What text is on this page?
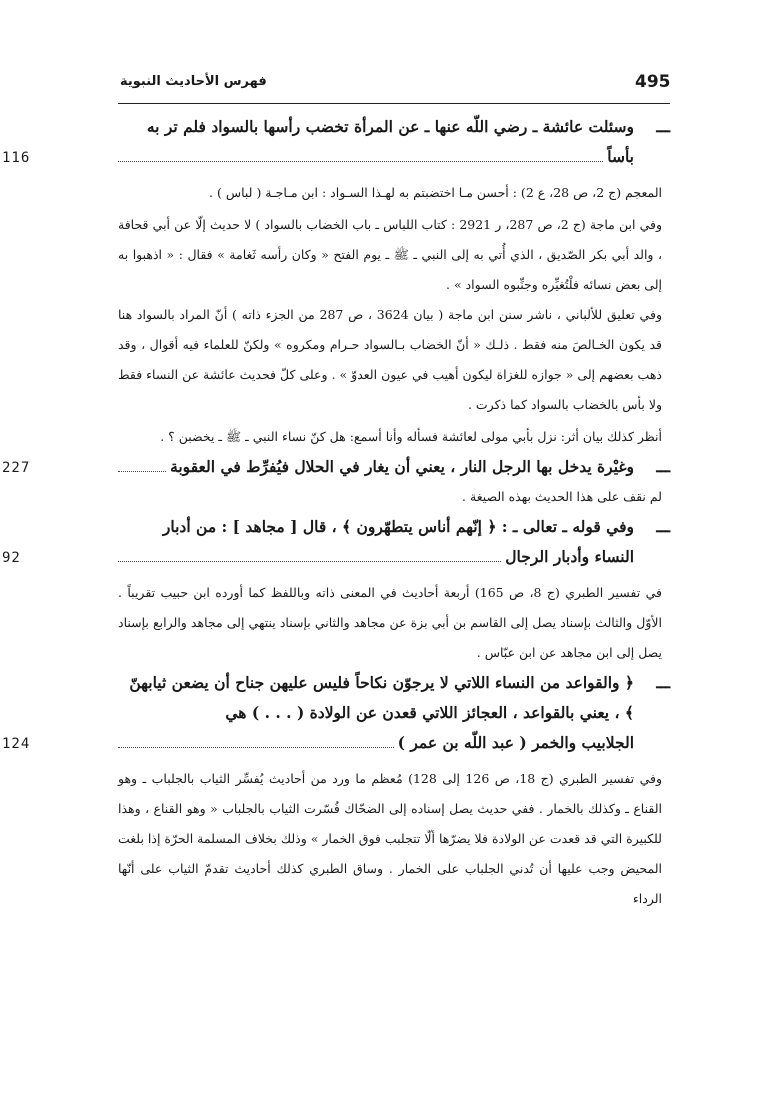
495
فهرس الأحاديث النبوية
ـــ
وسئلت عائشة ـ رضي اللّه عنها ـ عن المرأة تخضب رأسها بالسواد فلم تر به
بأساً
116

المعجم (ج 2، ص 28، ع 2) : أحسن مـا اختضبتم به لهـذا السـواد : ابن مـاجـة ( لباس ) .

وفي ابن ماجة (ج 2، ص 287، ر 2921 : كتاب اللباس ـ باب الخضاب بالسواد ) لا حديث إلّا عن أبي قحافة ، والد أبي بكر الصّديق ، الذي أُتي به إلى النبي ـ ﷺ ـ يوم الفتح « وكان رأسه ثَغامة » فقال : « اذهبوا به إلى بعض نسائه فلْتُغيِّره وجنِّبوه السواد » .

وفي تعليق للألباني ، ناشر سنن ابن ماجة ( بيان 3624 ، ص 287 من الجزء ذاته ) أنّ المراد بالسواد هنا قد يكون الخـالصَ منه فقط . ذلـك « أنّ الخضاب بـالسواد حـرام ومكروه » ولكنّ للعلماء فيه أقوال ، وقد ذهب بعضهم إلى « جوازه للغزاة ليكون أهيب في عيون العدوّ » . وعلى كلّ فحديث عائشة عن النساء فقط ولا بأس بالخضاب بالسواد كما ذكرت .

أنظر كذلك بيان أثر: نزل بأبي مولى لعائشة فسأله وأنا أسمع: هل كنّ نساء النبي ـ ﷺ ـ يخضبن ؟ .

ـــ
وغيْرة يدخل بها الرجل النار ، يعني أن يغار في الحلال فيُفرِّط في العقوبة
227

لم نقف على هذا الحديث بهذه الصيغة .

ـــ
وفي قوله ـ تعالى ـ : ﴿ إنّهم أناس يتطهّرون ﴾ ، قال [ مجاهد ] : من أدبار
النساء وأدبار الرجال
92

في تفسير الطبري (ج 8، ص 165) أربعة أحاديث في المعنى ذاته وباللفظ كما أورده ابن حبيب تقريباً . الأوّل والثالث بإسناد يصل إلى القاسم بن أبي بزة عن مجاهد والثاني بإسناد ينتهي إلى مجاهد والرابع بإسناد يصل إلى ابن مجاهد عن ابن عبّاس .

ـــ
﴿ والقواعد من النساء اللاتي لا يرجوّن نكاحاً فليس عليهن جناح أن يضعن ثيابهنّ ﴾ ، يعني بالقواعد ، العجائز اللاتي قعدن عن الولادة ( . . . ) هي
الجلابيب والخمر ( عبد اللّه بن عمر )
124

وفي تفسير الطبري (ج 18، ص 126 إلى 128) مُعظم ما ورد من أحاديث يُفسِّر الثياب بالجلباب ـ وهو القناع ـ وكذلك بالخمار . ففي حديث يصل إسناده إلى الضحّاك فُسّرت الثياب بالجلباب « وهو القناع ، وهذا للكبيرة التي قد قعدت عن الولادة فلا يضرّها ألّا تتجلبب فوق الخمار » وذلك بخلاف المسلمة الحرّة إذا بلغت المحيض وجب عليها أن تُدني الجلباب على الخمار . وساق الطبري كذلك أحاديث تقدمّ الثياب على أنّها الرداء
